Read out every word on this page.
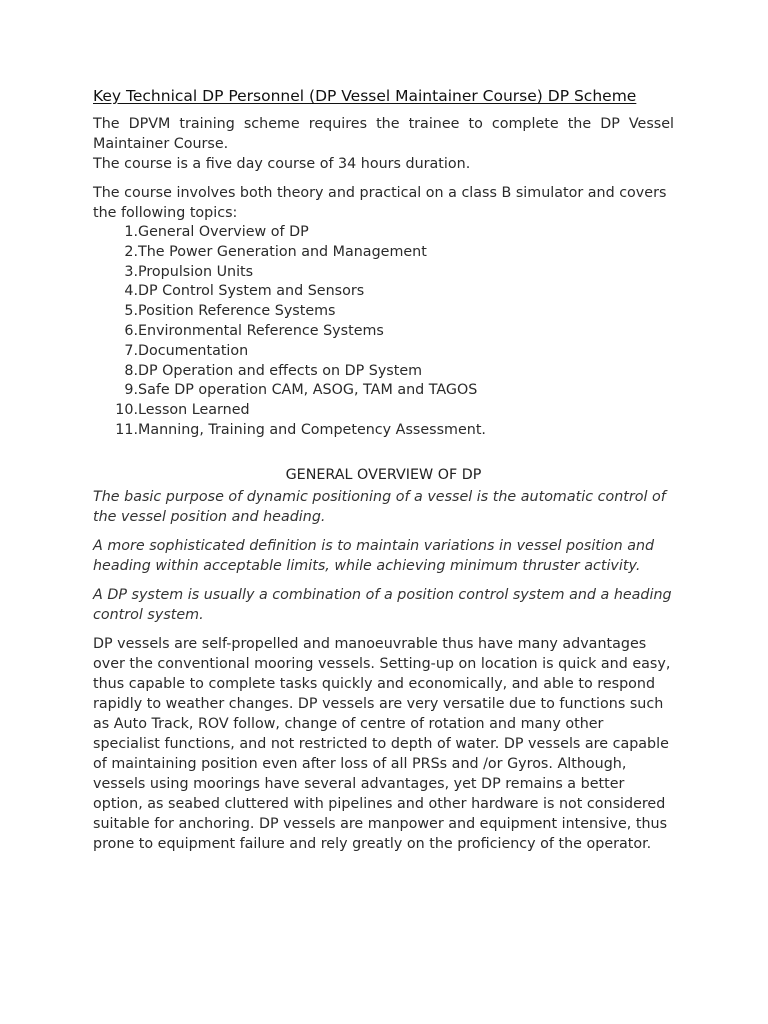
Key Technical DP Personnel (DP Vessel Maintainer Course) DP Scheme

The DPVM training scheme requires the trainee to complete the DP Vessel Maintainer Course.
The course is a five day course of 34 hours duration.

The course involves both theory and practical on a class B simulator and covers the following topics:

1. General Overview of DP
2. The Power Generation and Management
3. Propulsion Units
4. DP Control System and Sensors
5. Position Reference Systems
6. Environmental Reference Systems
7. Documentation
8. DP Operation and effects on DP System
9. Safe DP operation CAM, ASOG, TAM and TAGOS
10. Lesson Learned
11. Manning, Training and Competency Assessment.

GENERAL OVERVIEW OF DP

The basic purpose of dynamic positioning of a vessel is the automatic control of the vessel position and heading.

A more sophisticated definition is to maintain variations in vessel position and heading within acceptable limits, while achieving minimum thruster activity.

A DP system is usually a combination of a position control system and a heading control system.

DP vessels are self-propelled and manoeuvrable thus have many advantages over the conventional mooring vessels. Setting-up on location is quick and easy, thus capable to complete tasks quickly and economically, and able to respond rapidly to weather changes. DP vessels are very versatile due to functions such as Auto Track, ROV follow, change of centre of rotation and many other specialist functions, and not restricted to depth of water. DP vessels are capable of maintaining position even after loss of all PRSs and /or Gyros. Although, vessels using moorings have several advantages, yet DP remains a better option, as seabed cluttered with pipelines and other hardware is not considered suitable for anchoring. DP vessels are manpower and equipment intensive, thus prone to equipment failure and rely greatly on the proficiency of the operator.
